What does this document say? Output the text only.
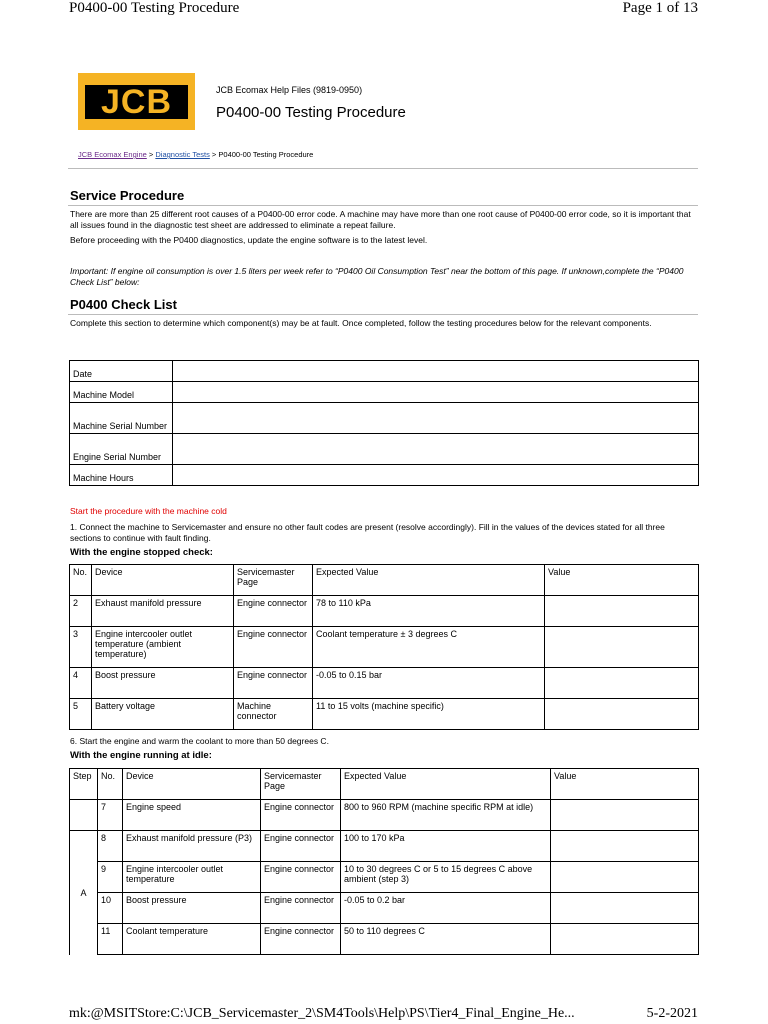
P0400-00 Testing Procedure	Page 1 of 13
JCB	JCB Ecomax Help Files (9819-0950)
P0400-00 Testing Procedure
JCB Ecomax Engine > Diagnostic Tests > P0400-00 Testing Procedure
Service Procedure
There are more than 25 different root causes of a P0400-00 error code. A machine may have more than one root cause of P0400-00 error code, so it is important that all issues found in the diagnostic test sheet are addressed to eliminate a repeat failure.
Before proceeding with the P0400 diagnostics, update the engine software is to the latest level.
Important: If engine oil consumption is over 1.5 liters per week refer to “P0400 Oil Consumption Test” near the bottom of this page. If unknown,complete the “P0400 Check List” below:
P0400 Check List
Complete this section to determine which component(s) may be at fault. Once completed, follow the testing procedures below for the relevant components.
Date	
Machine Model	
Machine Serial Number	
Engine Serial Number	
Machine Hours	
Start the procedure with the machine cold
1. Connect the machine to Servicemaster and ensure no other fault codes are present (resolve accordingly). Fill in the values of the devices stated for all three sections to continue with fault finding.
With the engine stopped check:
No.	Device	Servicemaster Page	Expected Value	Value
2	Exhaust manifold pressure	Engine connector	78 to 110 kPa	
3	Engine intercooler outlet temperature (ambient temperature)	Engine connector	Coolant temperature ± 3 degrees C	
4	Boost pressure	Engine connector	-0.05 to 0.15 bar	
5	Battery voltage	Machine connector	11 to 15 volts (machine specific)	
6. Start the engine and warm the coolant to more than 50 degrees C.
With the engine running at idle:
Step	No.	Device	Servicemaster Page	Expected Value	Value
	7	Engine speed	Engine connector	800 to 960 RPM (machine specific RPM at idle)	
A	8	Exhaust manifold pressure (P3)	Engine connector	100 to 170 kPa	
	9	Engine intercooler outlet temperature	Engine connector	10 to 30 degrees C or 5 to 15 degrees C above ambient (step 3)	
	10	Boost pressure	Engine connector	-0.05 to 0.2 bar	
	11	Coolant temperature	Engine connector	50 to 110 degrees C	
mk:@MSITStore:C:\JCB_Servicemaster_2\SM4Tools\Help\PS\Tier4_Final_Engine_He...	5-2-2021
